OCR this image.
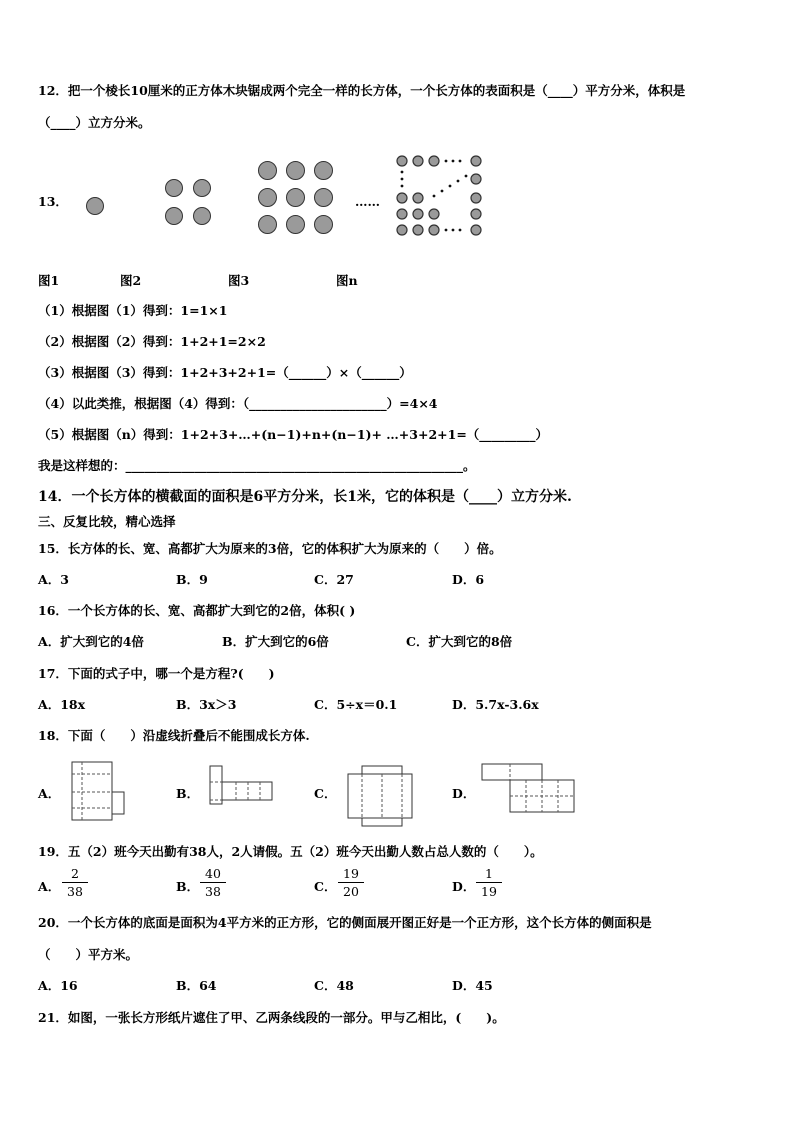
12．把一个棱长10厘米的正方体木块锯成两个完全一样的长方体，一个长方体的表面积是（____）平方分米，体积是
（____）立方分米。
13．	……
图1	图2	图3	图n
（1）根据图（1）得到：1=1×1
（2）根据图（2）得到：1+2+1=2×2
（3）根据图（3）得到：1+2+3+2+1=（______）×（______）
（4）以此类推，根据图（4）得到：（______________________）=4×4
（5）根据图（n）得到：1+2+3+…+(n−1)+n+(n−1)+ …+3+2+1=（_________）
我是这样想的：______________________________________________________。
14．一个长方体的横截面的面积是6平方分米，长1米，它的体积是（____）立方分米.
三、反复比较，精心选择
15．长方体的长、宽、高都扩大为原来的3倍，它的体积扩大为原来的（　　）倍。
A．3	B．9	C．27	D．6
16．一个长方体的长、宽、高都扩大到它的2倍，体积( )
A．扩大到它的4倍	B．扩大到它的6倍	C．扩大到它的8倍
17．下面的式子中，哪一个是方程?(　　)
A．18x	B．3x＞3	C．5÷x＝0.1	D．5.7x-3.6x
18．下面（　　）沿虚线折叠后不能围成长方体.
A．	B．	C．	D．
19．五（2）班今天出勤有38人，2人请假。五（2）班今天出勤人数占总人数的（　　）。
A． $\frac{2}{38}$	B． $\frac{40}{38}$	C． $\frac{19}{20}$	D． $\frac{1}{19}$
20．一个长方体的底面是面积为4平方米的正方形，它的侧面展开图正好是一个正方形，这个长方体的侧面积是
（　　）平方米。
A．16	B．64	C．48	D．45
21．如图，一张长方形纸片遮住了甲、乙两条线段的一部分。甲与乙相比，(　　)。
